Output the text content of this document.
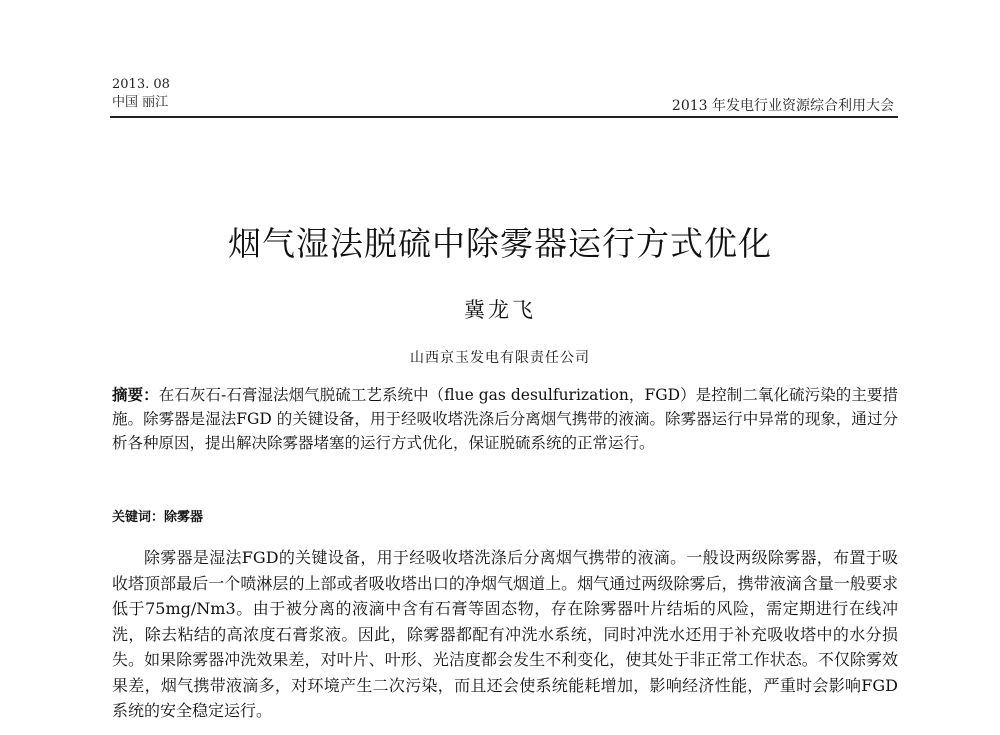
2013. 08
中国 丽江	2013 年发电行业资源综合利用大会
烟气湿法脱硫中除雾器运行方式优化
冀龙飞
山西京玉发电有限责任公司
摘要：在石灰石-石膏湿法烟气脱硫工艺系统中（flue gas desulfurization，FGD）是控制二氧化硫污染的主要措施。除雾器是湿法FGD 的关键设备，用于经吸收塔洗涤后分离烟气携带的液滴。除雾器运行中异常的现象，通过分析各种原因，提出解决除雾器堵塞的运行方式优化，保证脱硫系统的正常运行。
关键词：除雾器

除雾器是湿法FGD的关键设备，用于经吸收塔洗涤后分离烟气携带的液滴。一般设两级除雾器，布置于吸收塔顶部最后一个喷淋层的上部或者吸收塔出口的净烟气烟道上。烟气通过两级除雾后，携带液滴含量一般要求低于75mg/Nm3。由于被分离的液滴中含有石膏等固态物，存在除雾器叶片结垢的风险，需定期进行在线冲洗，除去粘结的高浓度石膏浆液。因此，除雾器都配有冲洗水系统，同时冲洗水还用于补充吸收塔中的水分损失。如果除雾器冲洗效果差，对叶片、叶形、光洁度都会发生不利变化，使其处于非正常工作状态。不仅除雾效果差，烟气携带液滴多，对环境产生二次污染，而且还会使系统能耗增加，影响经济性能，严重时会影响FGD 系统的安全稳定运行。
